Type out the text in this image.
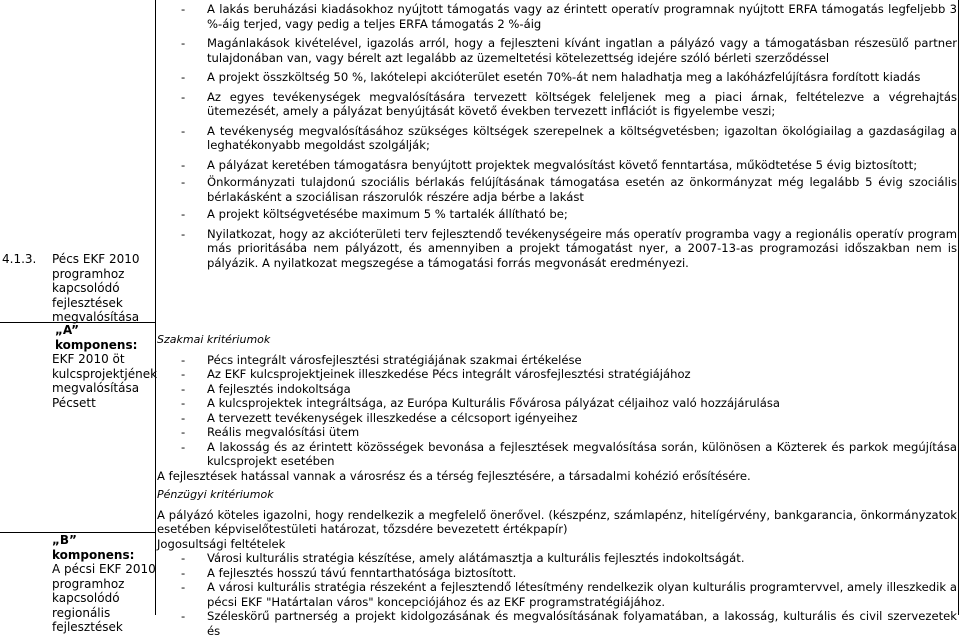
4.1.3. Pécs EKF 2010
programhoz
kapcsolódó
fejlesztések
megvalósítása
„A” komponens:
EKF 2010 öt
kulcsprojektjének
megvalósítása
Pécsett
„B” komponens:
A pécsi EKF 2010
programhoz
kapcsolódó
regionális
fejlesztések
- A lakás beruházási kiadásokhoz nyújtott támogatás vagy az érintett operatív programnak nyújtott ERFA támogatás legfeljebb 3 %-áig terjed, vagy pedig a teljes ERFA támogatás 2 %-áig
- Magánlakások kivételével, igazolás arról, hogy a fejleszteni kívánt ingatlan a pályázó vagy a támogatásban részesülő partner tulajdonában van, vagy bérelt azt legalább az üzemeltetési kötelezettség idejére szóló bérleti szerződéssel
- A projekt összköltség 50 %, lakótelepi akcióterület esetén 70%-át nem haladhatja meg a lakóházfelújításra fordított kiadás
- Az egyes tevékenységek megvalósítására tervezett költségek feleljenek meg a piaci árnak, feltételezve a végrehajtás ütemezését, amely a pályázat benyújtását követő években tervezett inflációt is figyelembe veszi;
- A tevékenység megvalósításához szükséges költségek szerepelnek a költségvetésben; igazoltan ökológiailag a gazdaságilag a leghatékonyabb megoldást szolgálják;
- A pályázat keretében támogatásra benyújtott projektek megvalósítást követő fenntartása, működtetése 5 évig biztosított;
- Önkormányzati tulajdonú szociális bérlakás felújításának támogatása esetén az önkormányzat még legalább 5 évig szociális bérlakásként a szociálisan rászorulók részére adja bérbe a lakást
- A projekt költségvetésébe maximum 5 % tartalék állítható be;
- Nyilatkozat, hogy az akcióterületi terv fejlesztendő tevékenységeire más operatív programba vagy a regionális operatív program más prioritásába nem pályázott, és amennyiben a projekt támogatást nyer, a 2007-13-as programozási időszakban nem is pályázik. A nyilatkozat megszegése a támogatási forrás megvonását eredményezi.
Szakmai kritériumok
- Pécs integrált városfejlesztési stratégiájának szakmai értékelése
- Az EKF kulcsprojektjeinek illeszkedése Pécs integrált városfejlesztési stratégiájához
- A fejlesztés indokoltsága
- A kulcsprojektek integráltsága, az Európa Kulturális Fővárosa pályázat céljaihoz való hozzájárulása
- A tervezett tevékenységek illeszkedése a célcsoport igényeihez
- Reális megvalósítási ütem
- A lakosság és az érintett közösségek bevonása a fejlesztések megvalósítása során, különösen a Közterek és parkok megújítása kulcsprojekt esetében
A fejlesztések hatással vannak a városrész és a térség fejlesztésére, a társadalmi kohézió erősítésére.
Pénzügyi kritériumok
A pályázó köteles igazolni, hogy rendelkezik a megfelelő önerővel. (készpénz, számlapénz, hitelígérvény, bankgarancia, önkormányzatok esetében képviselőtestületi határozat, tőzsdére bevezetett értékpapír)
Jogosultsági feltételek
- Városi kulturális stratégia készítése, amely alátámasztja a kulturális fejlesztés indokoltságát.
- A fejlesztés hosszú távú fenntarthatósága biztosított.
- A városi kulturális stratégia részeként a fejlesztendő létesítmény rendelkezik olyan kulturális programtervvel, amely illeszkedik a pécsi EKF "Határtalan város" koncepciójához és az EKF programstratégiájához.
- Széleskörű partnerség a projekt kidolgozásának és megvalósításának folyamatában, a lakosság, kulturális és civil szervezetek és
